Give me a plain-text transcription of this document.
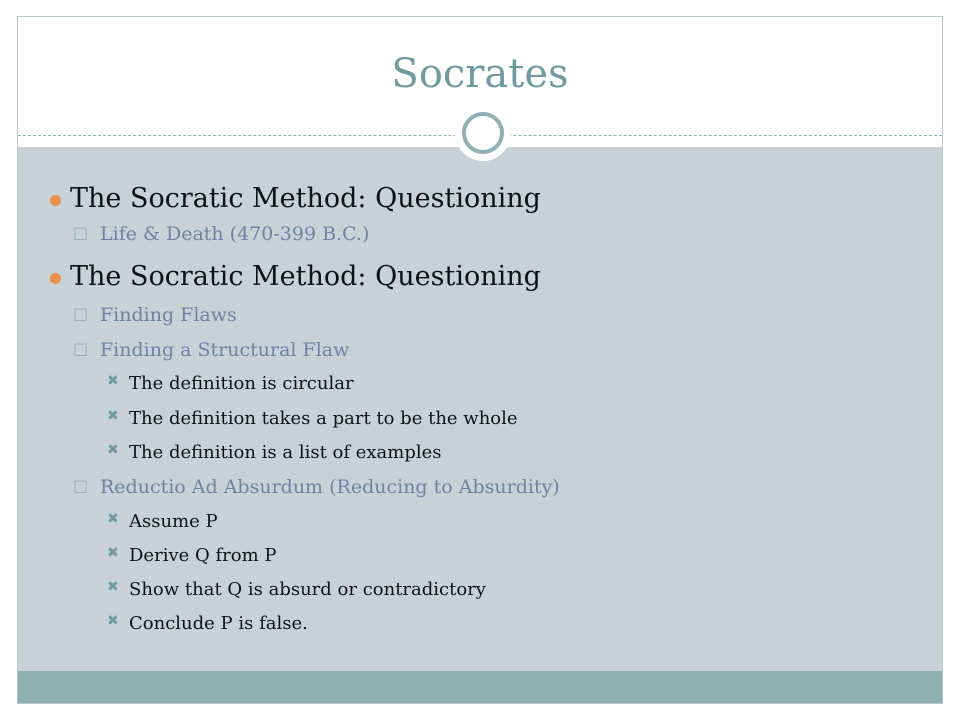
Socrates
The Socratic Method: Questioning
□ Life & Death (470-399 B.C.)
The Socratic Method: Questioning
□ Finding Flaws
□ Finding a Structural Flaw
✖ The definition is circular
✖ The definition takes a part to be the whole
✖ The definition is a list of examples
□ Reductio Ad Absurdum (Reducing to Absurdity)
✖ Assume P
✖ Derive Q from P
✖ Show that Q is absurd or contradictory
✖ Conclude P is false.
